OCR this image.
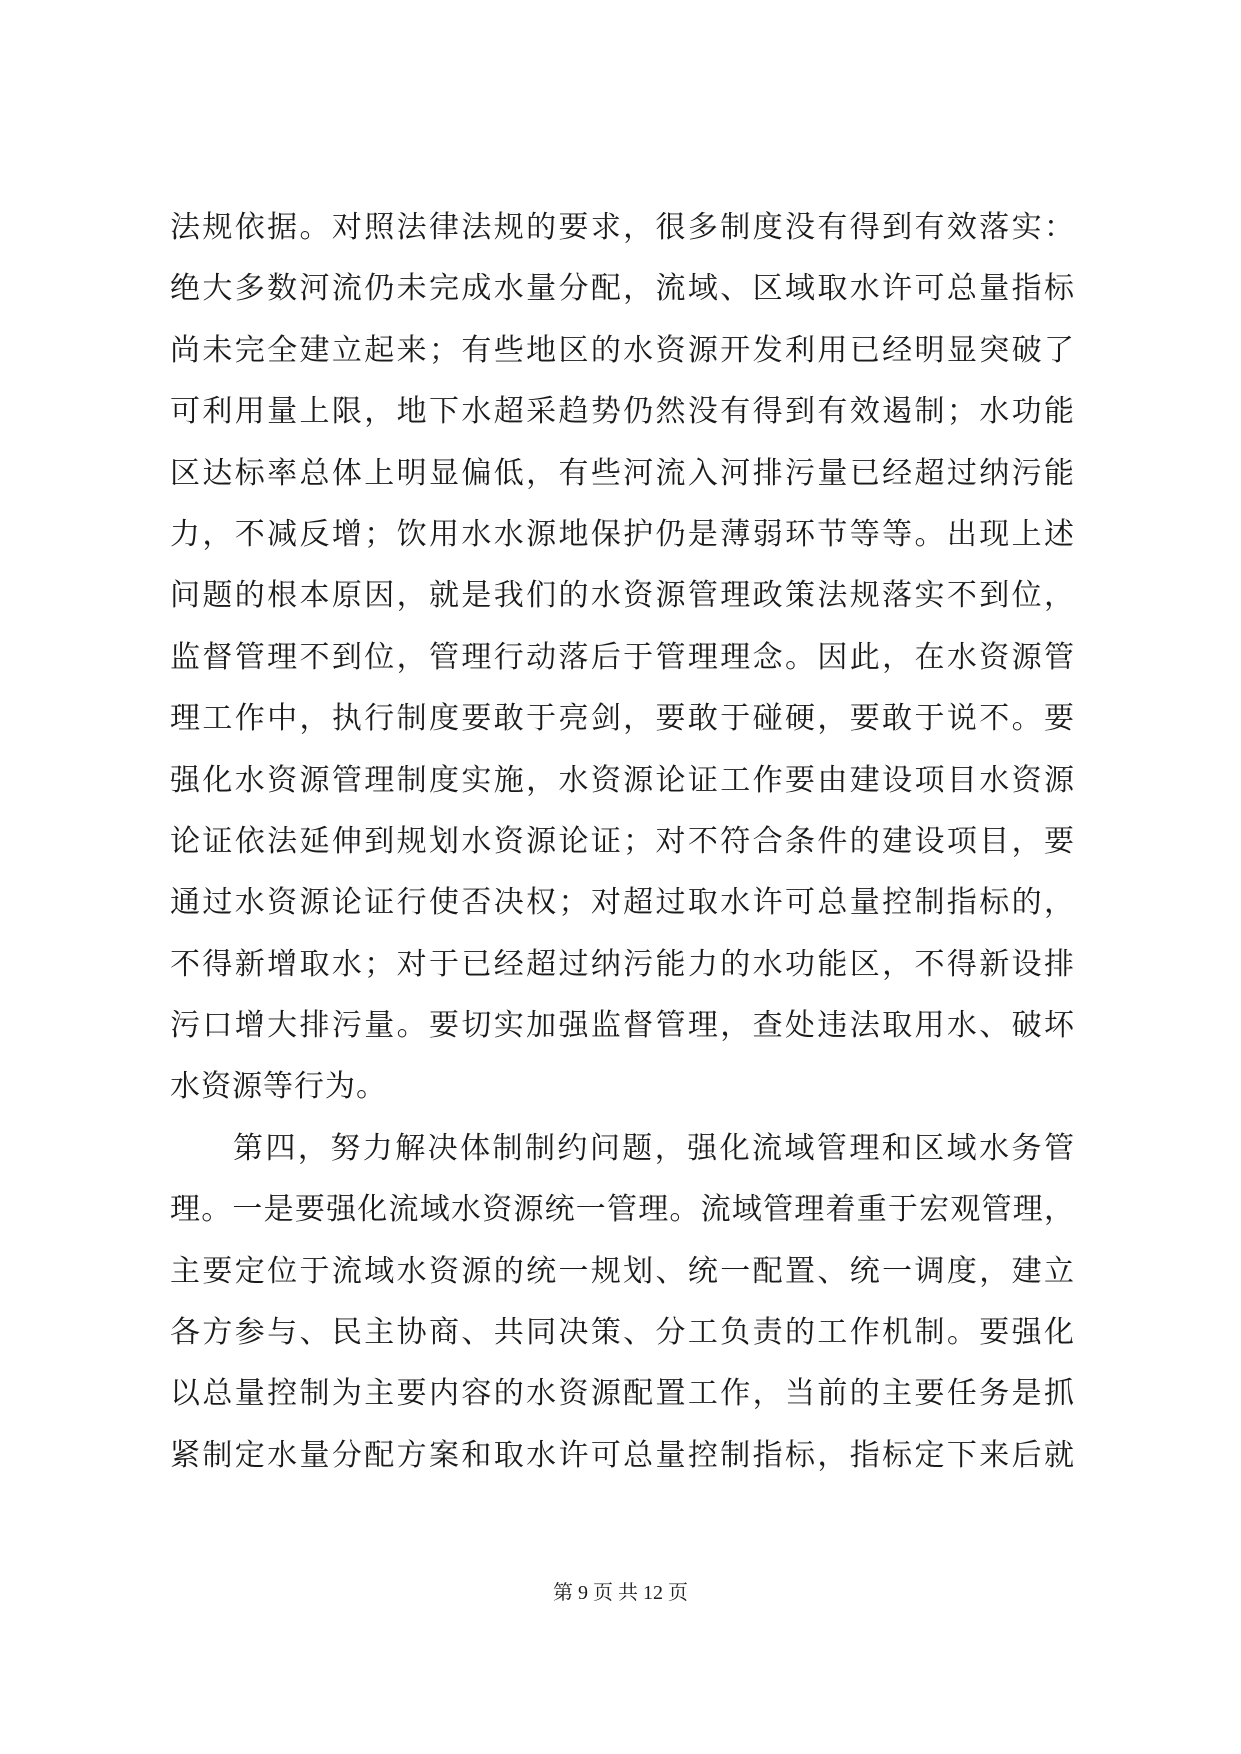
法规依据。对照法律法规的要求，很多制度没有得到有效落实：
绝大多数河流仍未完成水量分配，流域、区域取水许可总量指标
尚未完全建立起来；有些地区的水资源开发利用已经明显突破了
可利用量上限，地下水超采趋势仍然没有得到有效遏制；水功能
区达标率总体上明显偏低，有些河流入河排污量已经超过纳污能
力，不减反增；饮用水水源地保护仍是薄弱环节等等。出现上述
问题的根本原因，就是我们的水资源管理政策法规落实不到位，
监督管理不到位，管理行动落后于管理理念。因此，在水资源管
理工作中，执行制度要敢于亮剑，要敢于碰硬，要敢于说不。要
强化水资源管理制度实施，水资源论证工作要由建设项目水资源
论证依法延伸到规划水资源论证；对不符合条件的建设项目，要
通过水资源论证行使否决权；对超过取水许可总量控制指标的，
不得新增取水；对于已经超过纳污能力的水功能区，不得新设排
污口增大排污量。要切实加强监督管理，查处违法取用水、破坏
水资源等行为。
第四，努力解决体制制约问题，强化流域管理和区域水务管
理。一是要强化流域水资源统一管理。流域管理着重于宏观管理，
主要定位于流域水资源的统一规划、统一配置、统一调度，建立
各方参与、民主协商、共同决策、分工负责的工作机制。要强化
以总量控制为主要内容的水资源配置工作，当前的主要任务是抓
紧制定水量分配方案和取水许可总量控制指标，指标定下来后就
第 9 页 共 12 页
